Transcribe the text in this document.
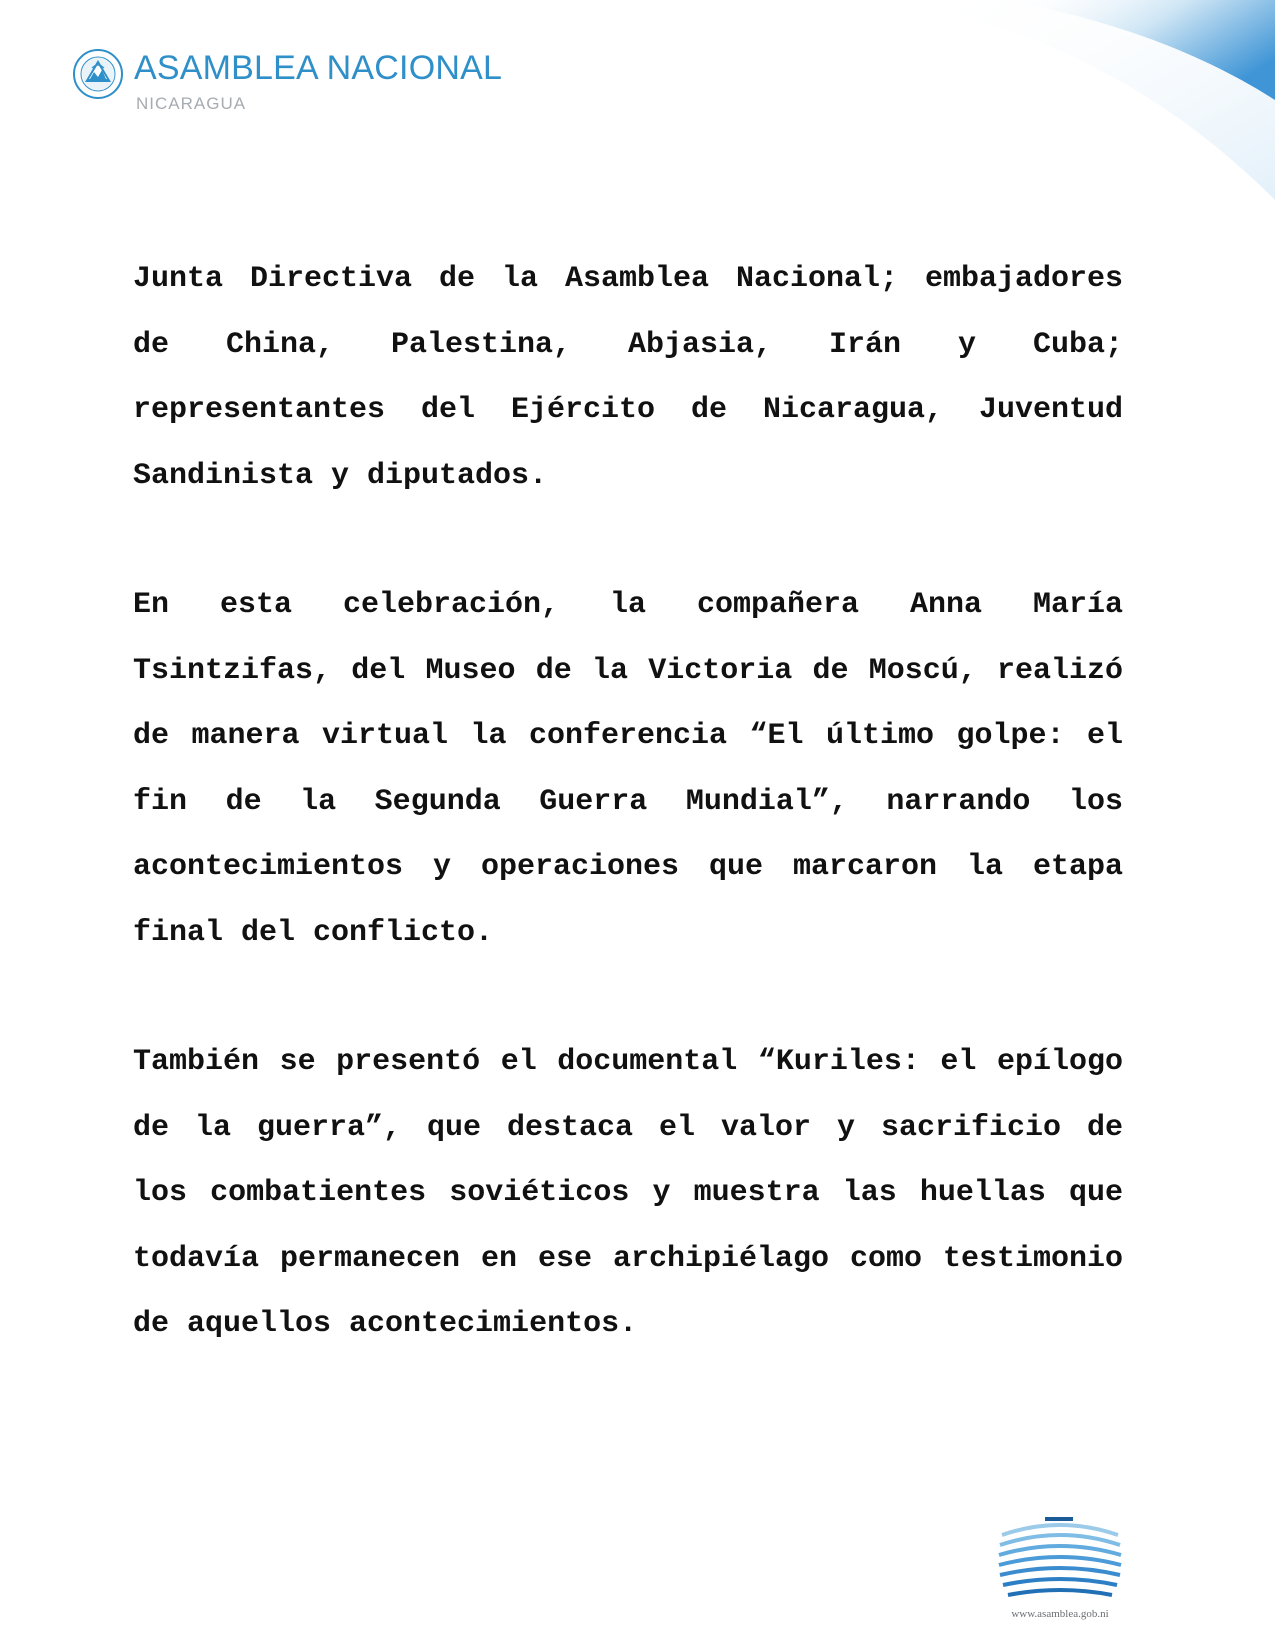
ASAMBLEA NACIONAL
NICARAGUA

Junta Directiva de la Asamblea Nacional; embajadores de China, Palestina, Abjasia, Irán y Cuba; representantes del Ejército de Nicaragua, Juventud Sandinista y diputados.

En esta celebración, la compañera Anna María Tsintzifas, del Museo de la Victoria de Moscú, realizó de manera virtual la conferencia “El último golpe: el fin de la Segunda Guerra Mundial”, narrando los acontecimientos y operaciones que marcaron la etapa final del conflicto.

También se presentó el documental “Kuriles: el epílogo de la guerra”, que destaca el valor y sacrificio de los combatientes soviéticos y muestra las huellas que todavía permanecen en ese archipiélago como testimonio de aquellos acontecimientos.

www.asamblea.gob.ni
